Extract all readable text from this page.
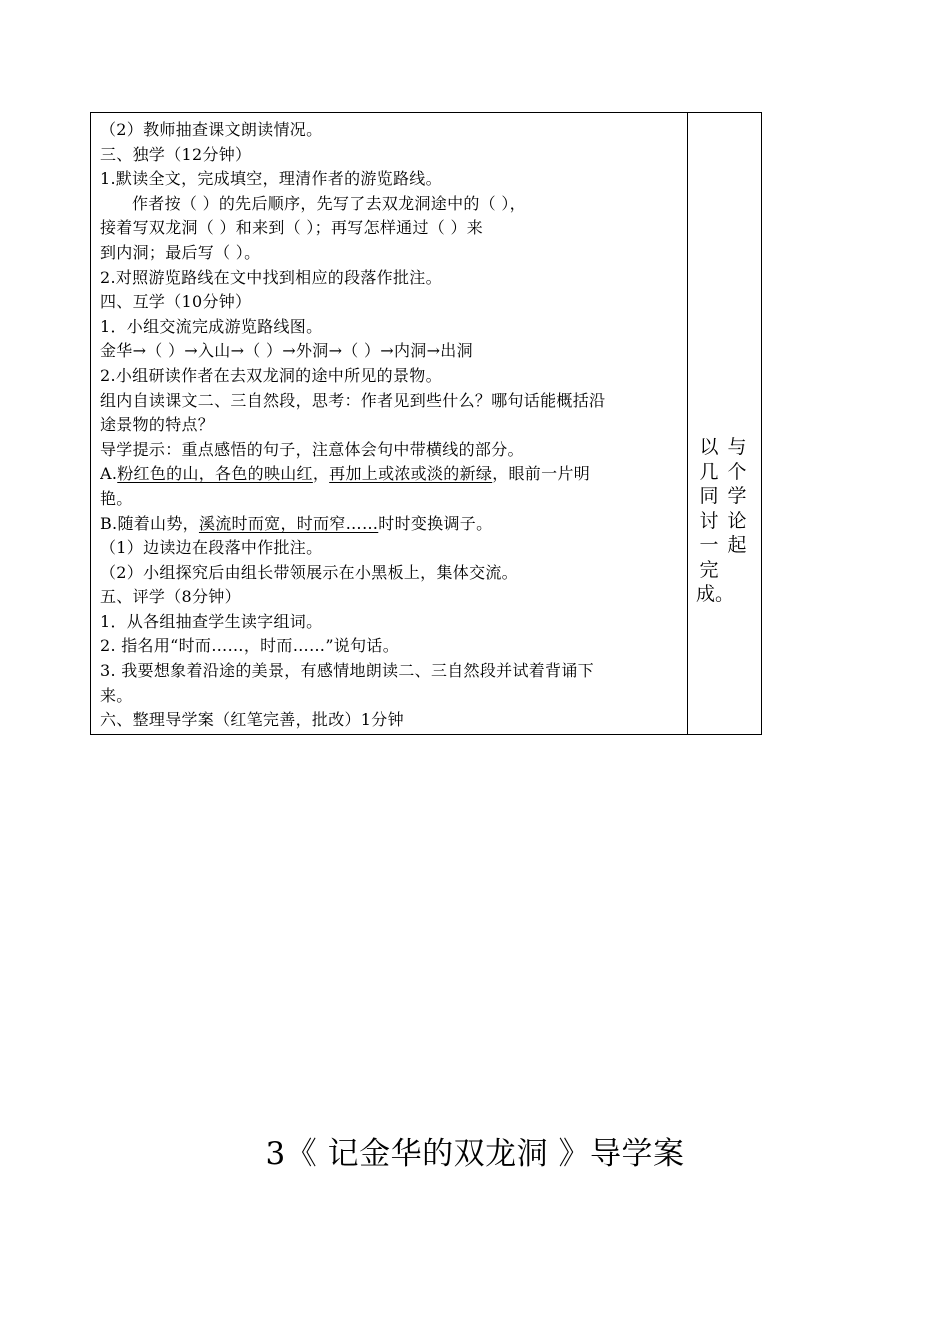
（2）教师抽查课文朗读情况。
三、独学（12分钟）
1.默读全文，完成填空，理清作者的游览路线。
作者按（ ）的先后顺序，先写了去双龙洞途中的（ ），
接着写双龙洞（ ）和来到（ ）；再写怎样通过（ ）来
到内洞；最后写（ ）。
2.对照游览路线在文中找到相应的段落作批注。
四、互学（10分钟）
1．小组交流完成游览路线图。
金华→（ ）→入山→（ ）→外洞→（ ）→内洞→出洞
2.小组研读作者在去双龙洞的途中所见的景物。
组内自读课文二、三自然段，思考：作者见到些什么？哪句话能概括沿
途景物的特点？
导学提示：重点感悟的句子，注意体会句中带横线的部分。
A.粉红色的山，各色的映山红，再加上或浓或淡的新绿，眼前一片明
艳。
B.随着山势，溪流时而宽，时而窄……时时变换调子。
（1）边读边在段落中作批注。
（2）小组探究后由组长带领展示在小黑板上，集体交流。
五、评学（8分钟）
1．从各组抽查学生读字组词。
2. 指名用“时而……，时而……”说句话。
3. 我要想象着沿途的美景，有感情地朗读二、三自然段并试着背诵下
来。
六、整理导学案（红笔完善，批改）1分钟
与
个
学
论
起
以
几
同
讨
一
完
成。
3《 记金华的双龙洞 》导学案
